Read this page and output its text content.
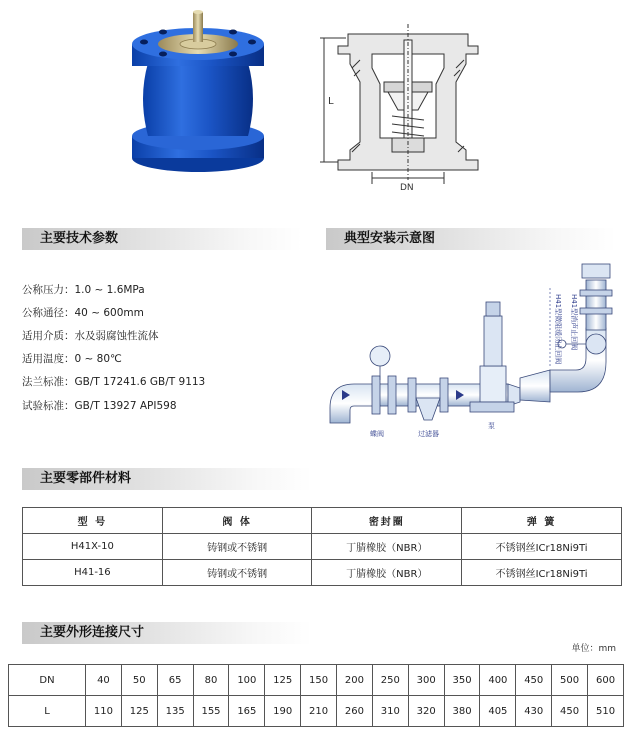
L
DN
主要技术参数	典型安装示意图
主要零部件材料
主要外形连接尺寸
公称压力：1.0 ~ 1.6MPa
公称通径：40 ~ 600mm
适用介质：水及弱腐蚀性流体
适用温度：0 ~ 80℃
法兰标准：GB/T 17241.6 GB/T 9113
试验标准：GB/T 13927 API598
H41型微阻缓闭止回阀 H41型消声止回阀
蝶阀	过滤器
泵
型 号	阀 体	密封圈	弹 簧
H41X-10	铸钢或不锈钢	丁腈橡胶（NBR）	不锈钢丝ICr18Ni9Ti
H41-16	铸钢或不锈钢	丁腈橡胶（NBR）	不锈钢丝ICr18Ni9Ti
单位：mm
DN	40	50	65	80	100	125	150	200	250	300	350	400	450	500	600
L	110	125	135	155	165	190	210	260	310	320	380	405	430	450	510
